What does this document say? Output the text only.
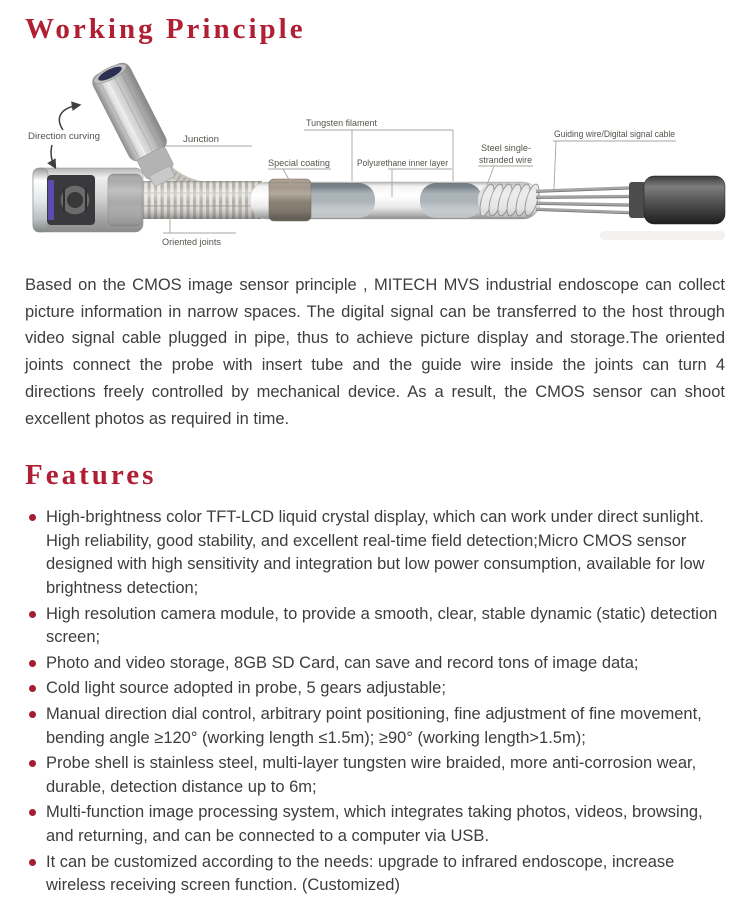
Working Principle
Direction curving	Junction
Oriented joints
Tungsten filament
Special coating	Polyurethane inner layer
Steel single-
stranded wire
Guiding wire/Digital signal cable

Based on the CMOS image sensor principle , MITECH MVS industrial endoscope can collect picture information in narrow spaces. The digital signal can be transferred to the host through video signal cable plugged in pipe, thus to achieve picture display and storage.The oriented joints connect the probe with insert tube and the guide wire inside the joints can turn 4 directions freely controlled by mechanical device. As a result, the CMOS sensor can shoot excellent photos as required in time.

Features
High-brightness color TFT-LCD liquid crystal display, which can work under direct sunlight. High reliability, good stability, and excellent real-time field detection;Micro CMOS sensor designed with high sensitivity and integration but low power consumption, available for low brightness detection;
High resolution camera module, to provide a smooth, clear, stable dynamic (static) detection screen;
Photo and video storage, 8GB SD Card, can save and record tons of image data;
Cold light source adopted in probe, 5 gears adjustable;
Manual direction dial control, arbitrary point positioning, fine adjustment of fine movement, bending angle ≥120° (working length ≤1.5m); ≥90° (working length>1.5m);
Probe shell is stainless steel, multi-layer tungsten wire braided, more anti-corrosion wear, durable, detection distance up to 6m;
Multi-function image processing system, which integrates taking photos, videos, browsing, and returning, and can be connected to a computer via USB.
It can be customized according to the needs: upgrade to infrared endoscope, increase wireless receiving screen function. (Customized)
